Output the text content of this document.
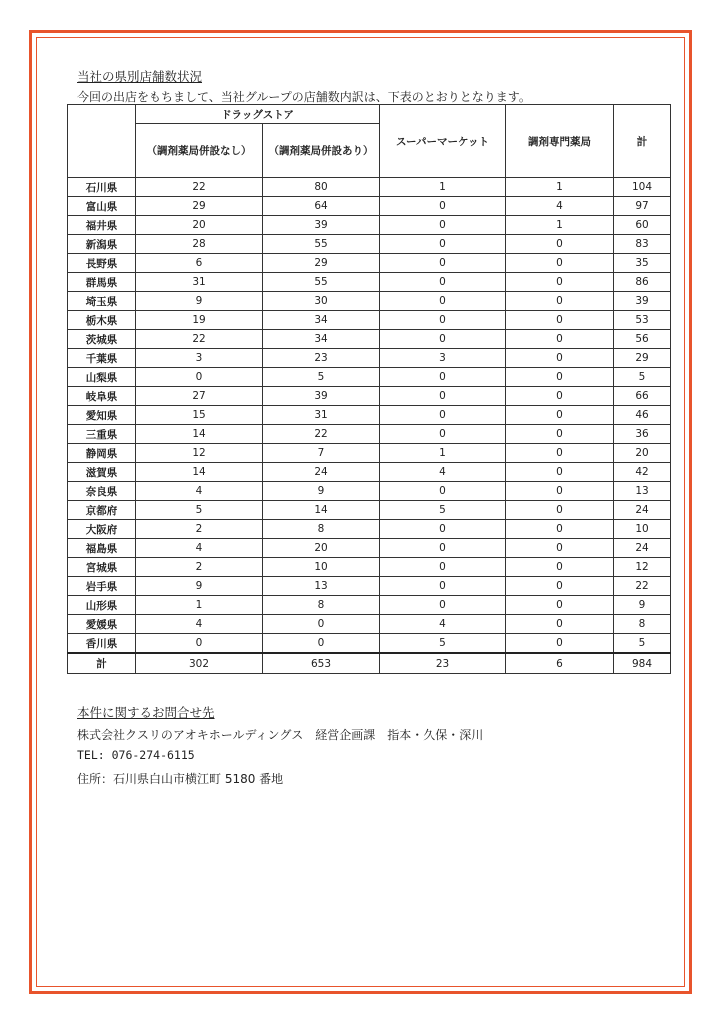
当社の県別店舗数状況
今回の出店をもちまして、当社グループの店舗数内訳は、下表のとおりとなります。
	ドラッグストア		スーパーマーケット	調剤専門薬局	計
	（調剤薬局併設なし）	（調剤薬局併設あり）			
石川県	22	80	1	1	104
富山県	29	64	0	4	97
福井県	20	39	0	1	60
新潟県	28	55	0	0	83
長野県	6	29	0	0	35
群馬県	31	55	0	0	86
埼玉県	9	30	0	0	39
栃木県	19	34	0	0	53
茨城県	22	34	0	0	56
千葉県	3	23	3	0	29
山梨県	0	5	0	0	5
岐阜県	27	39	0	0	66
愛知県	15	31	0	0	46
三重県	14	22	0	0	36
静岡県	12	7	1	0	20
滋賀県	14	24	4	0	42
奈良県	4	9	0	0	13
京都府	5	14	5	0	24
大阪府	2	8	0	0	10
福島県	4	20	0	0	24
宮城県	2	10	0	0	12
岩手県	9	13	0	0	22
山形県	1	8	0	0	9
愛媛県	4	0	4	0	8
香川県	0	0	5	0	5
計	302	653	23	6	984
本件に関するお問合せ先
株式会社クスリのアオキホールディングス　経営企画課　指本・久保・深川
TEL: 076-274-6115
住所：石川県白山市横江町 5180 番地
